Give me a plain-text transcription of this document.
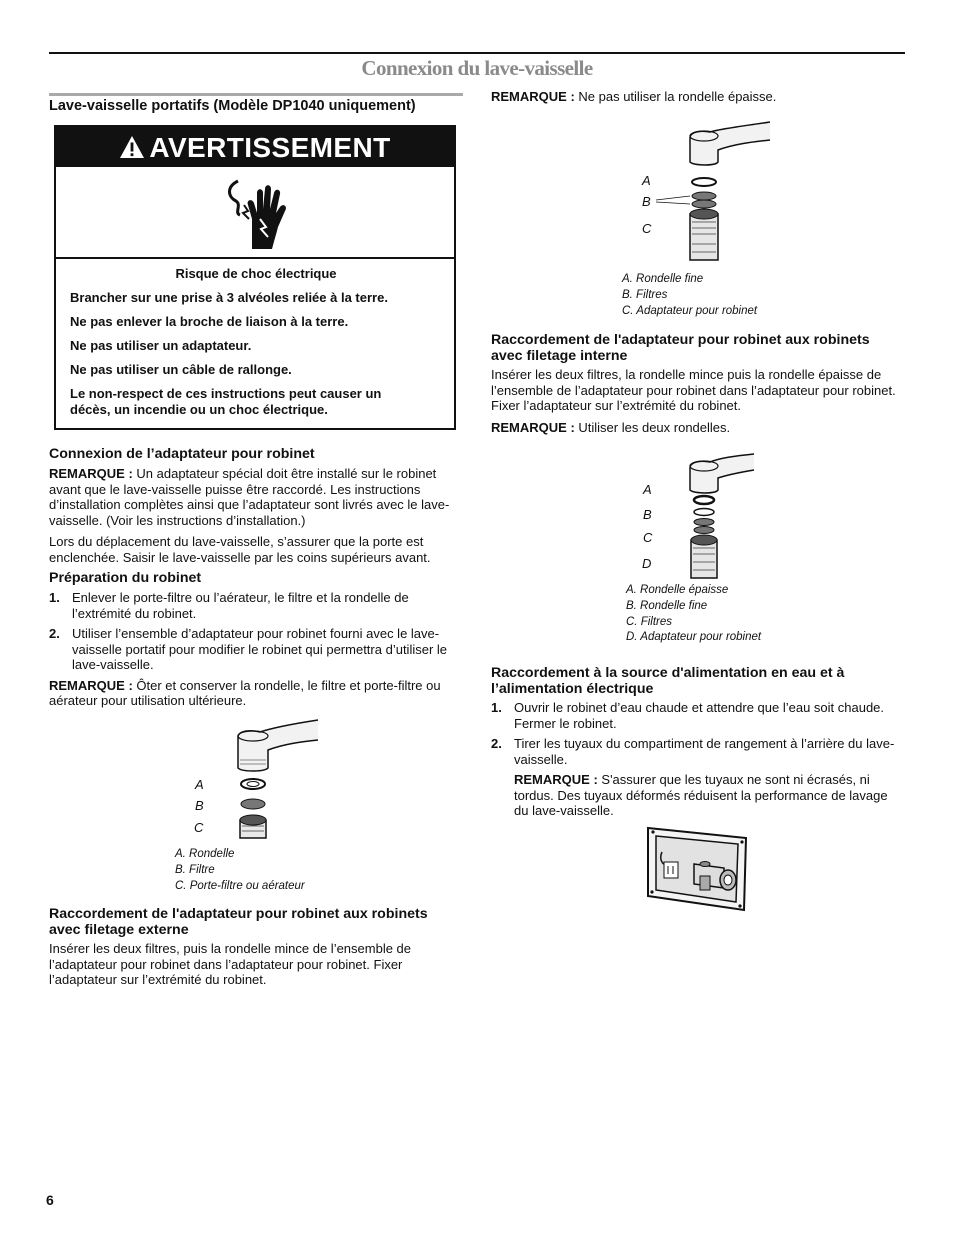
Connexion du lave-vaisselle
Lave-vaisselle portatifs (Modèle DP1040 uniquement)
AVERTISSEMENT
Risque de choc électrique
Brancher sur une prise à 3 alvéoles reliée à la terre.
Ne pas enlever la broche de liaison à la terre.
Ne pas utiliser un adaptateur.
Ne pas utiliser un câble de rallonge.
Le non-respect de ces instructions peut causer un décès, un incendie ou un choc électrique.
Connexion de l’adaptateur pour robinet

REMARQUE : Un adaptateur spécial doit être installé sur le robinet avant que le lave-vaisselle puisse être raccordé. Les instructions d’installation complètes ainsi que l’adaptateur sont livrés avec le lave-vaisselle. (Voir les instructions d’installation.)

Lors du déplacement du lave-vaisselle, s’assurer que la porte est enclenchée. Saisir le lave-vaisselle par les coins supérieurs avant.

Préparation du robinet
1. Enlever le porte-filtre ou l’aérateur, le filtre et la rondelle de l’extrémité du robinet.
2. Utiliser l’ensemble d’adaptateur pour robinet fourni avec le lave-vaisselle portatif pour modifier le robinet qui permettra d’utiliser le lave-vaisselle.

REMARQUE : Ôter et conserver la rondelle, le filtre et porte-filtre ou aérateur pour utilisation ultérieure.

A
B
C
A. Rondelle
B. Filtre
C. Porte-filtre ou aérateur
Raccordement de l'adaptateur pour robinet aux robinets avec filetage externe

Insérer les deux filtres, puis la rondelle mince de l’ensemble de l’adaptateur pour robinet dans l’adaptateur pour robinet. Fixer l’adaptateur sur l’extrémité du robinet.

REMARQUE : Ne pas utiliser la rondelle épaisse.
A
B
C
A. Rondelle fine
B. Filtres
C. Adaptateur pour robinet
Raccordement de l'adaptateur pour robinet aux robinets avec filetage interne

Insérer les deux filtres, la rondelle mince puis la rondelle épaisse de l’ensemble de l’adaptateur pour robinet dans l’adaptateur pour robinet. Fixer l’adaptateur sur l’extrémité du robinet.

REMARQUE : Utiliser les deux rondelles.

A
B
C
D
A. Rondelle épaisse
B. Rondelle fine
C. Filtres
D. Adaptateur pour robinet
Raccordement à la source d'alimentation en eau et à l’alimentation électrique
1. Ouvrir le robinet d’eau chaude et attendre que l’eau soit chaude. Fermer le robinet.
2. Tirer les tuyaux du compartiment de rangement à l’arrière du lave-vaisselle.

REMARQUE : S'assurer que les tuyaux ne sont ni écrasés, ni tordus. Des tuyaux déformés réduisent la performance de lavage du lave-vaisselle.

6
